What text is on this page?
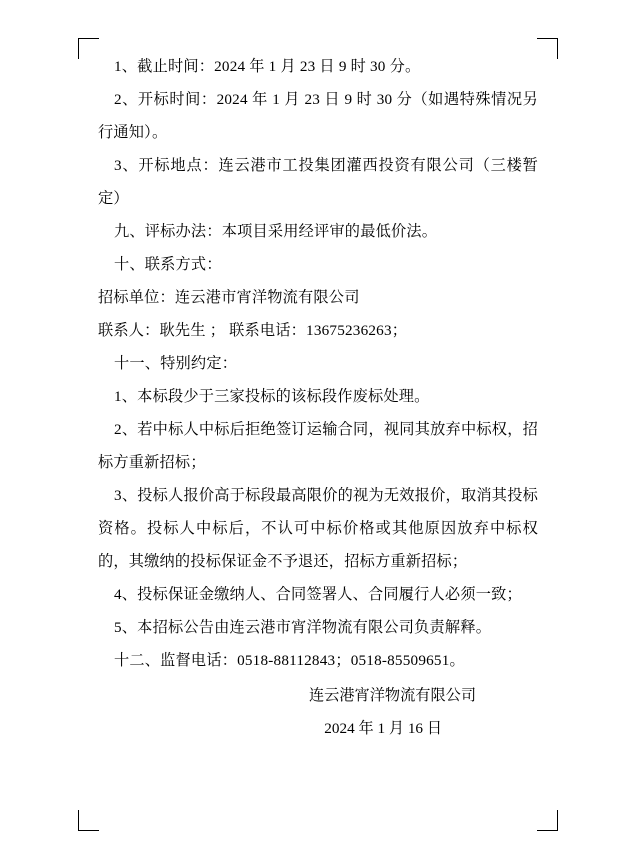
1、截止时间：2024 年 1 月 23 日 9 时 30 分。

2、开标时间：2024 年 1 月 23 日 9 时 30 分（如遇特殊情况另行通知）。

3、开标地点：连云港市工投集团灌西投资有限公司（三楼暂定）

九、评标办法：本项目采用经评审的最低价法。

十、联系方式：

招标单位：连云港市宵洋物流有限公司

联系人：耿先生 ； 联系电话：13675236263；

十一、特别约定：

1、本标段少于三家投标的该标段作废标处理。

2、若中标人中标后拒绝签订运输合同，视同其放弃中标权，招标方重新招标；

3、投标人报价高于标段最高限价的视为无效报价，取消其投标资格。投标人中标后，不认可中标价格或其他原因放弃中标权的，其缴纳的投标保证金不予退还，招标方重新招标；

4、投标保证金缴纳人、合同签署人、合同履行人必须一致；

5、本招标公告由连云港市宵洋物流有限公司负责解释。

十二、监督电话：0518-88112843；0518-85509651。

连云港宵洋物流有限公司

2024 年 1 月 16 日
